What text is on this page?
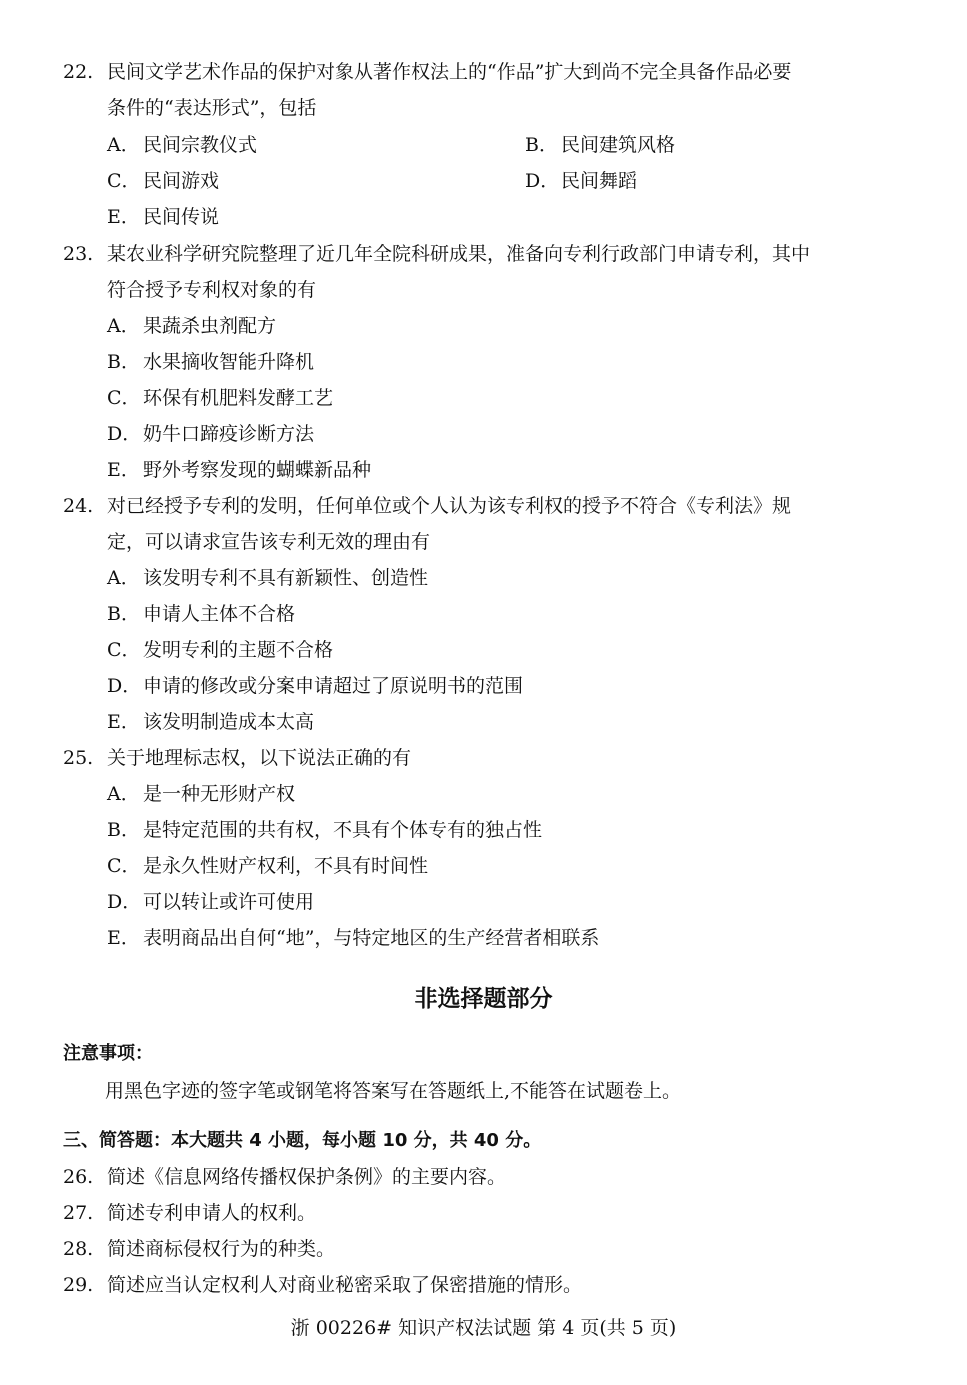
22. 民间文学艺术作品的保护对象从著作权法上的“作品”扩大到尚不完全具备作品必要
条件的“表达形式”，包括
A． 民间宗教仪式	B． 民间建筑风格
C． 民间游戏	D．民间舞蹈
E． 民间传说
23. 某农业科学研究院整理了近几年全院科研成果，准备向专利行政部门申请专利，其中
符合授予专利权对象的有
A． 果蔬杀虫剂配方
B． 水果摘收智能升降机
C． 环保有机肥料发酵工艺
D．奶牛口蹄疫诊断方法
E． 野外考察发现的蝴蝶新品种
24. 对已经授予专利的发明，任何单位或个人认为该专利权的授予不符合《专利法》规
定，可以请求宣告该专利无效的理由有
A． 该发明专利不具有新颖性、创造性
B． 申请人主体不合格
C． 发明专利的主题不合格
D．申请的修改或分案申请超过了原说明书的范围
E． 该发明制造成本太高
25. 关于地理标志权，以下说法正确的有
A． 是一种无形财产权
B． 是特定范围的共有权，不具有个体专有的独占性
C． 是永久性财产权利，不具有时间性
D．可以转让或许可使用
E． 表明商品出自何“地”，与特定地区的生产经营者相联系
非选择题部分
注意事项：
用黑色字迹的签字笔或钢笔将答案写在答题纸上,不能答在试题卷上。
三、简答题：本大题共 4 小题，每小题 10 分，共 40 分。
26. 简述《信息网络传播权保护条例》的主要内容。
27. 简述专利申请人的权利。
28. 简述商标侵权行为的种类。
29. 简述应当认定权利人对商业秘密采取了保密措施的情形。
浙 00226# 知识产权法试题 第 4 页(共 5 页)
